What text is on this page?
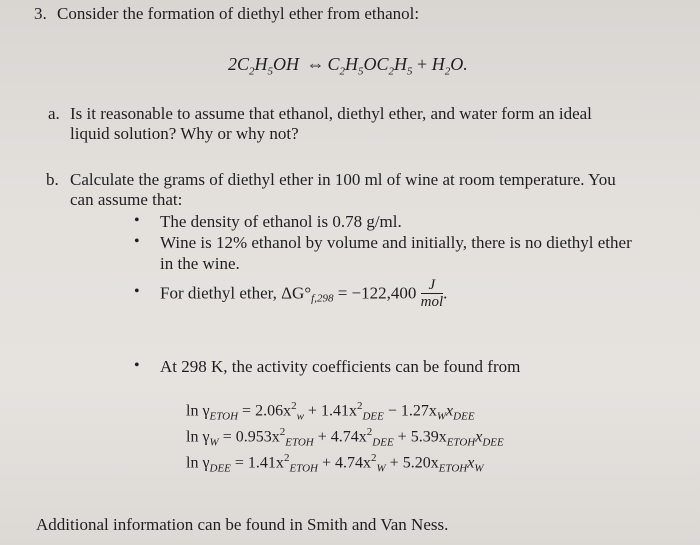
3. Consider the formation of diethyl ether from ethanol:
$2C_2H_5OH$ ⇔ $C_2H_5OC_2H_5 + H_2O$.
a. Is it reasonable to assume that ethanol, diethyl ether, and water form an ideal
liquid solution? Why or why not?
b. Calculate the grams of diethyl ether in 100 ml of wine at room temperature. You
can assume that:
• The density of ethanol is 0.78 g/ml.
• Wine is 12% ethanol by volume and initially, there is no diethyl ether
in the wine.
• For diethyl ether, $\Delta G^\circ_{f,298} = -122,400 \frac{J}{\text{mol}}$ .
• At 298 K, the activity coefficients can be found from
$\ln \gamma_{ETOH} = 2.06x^2_w + 1.41x^2_{DEE} - 1.27x_Wx_{DEE}$
$\ln \gamma_W = 0.953x^2_{ETOH} + 4.74x^2_{DEE} + 5.39x_{ETOH}x_{DEE}$
$\ln \gamma_{DEE} = 1.41x^2_{ETOH} + 4.74x^2_W + 5.20x_{ETOH}x_W$
Additional information can be found in Smith and Van Ness.
